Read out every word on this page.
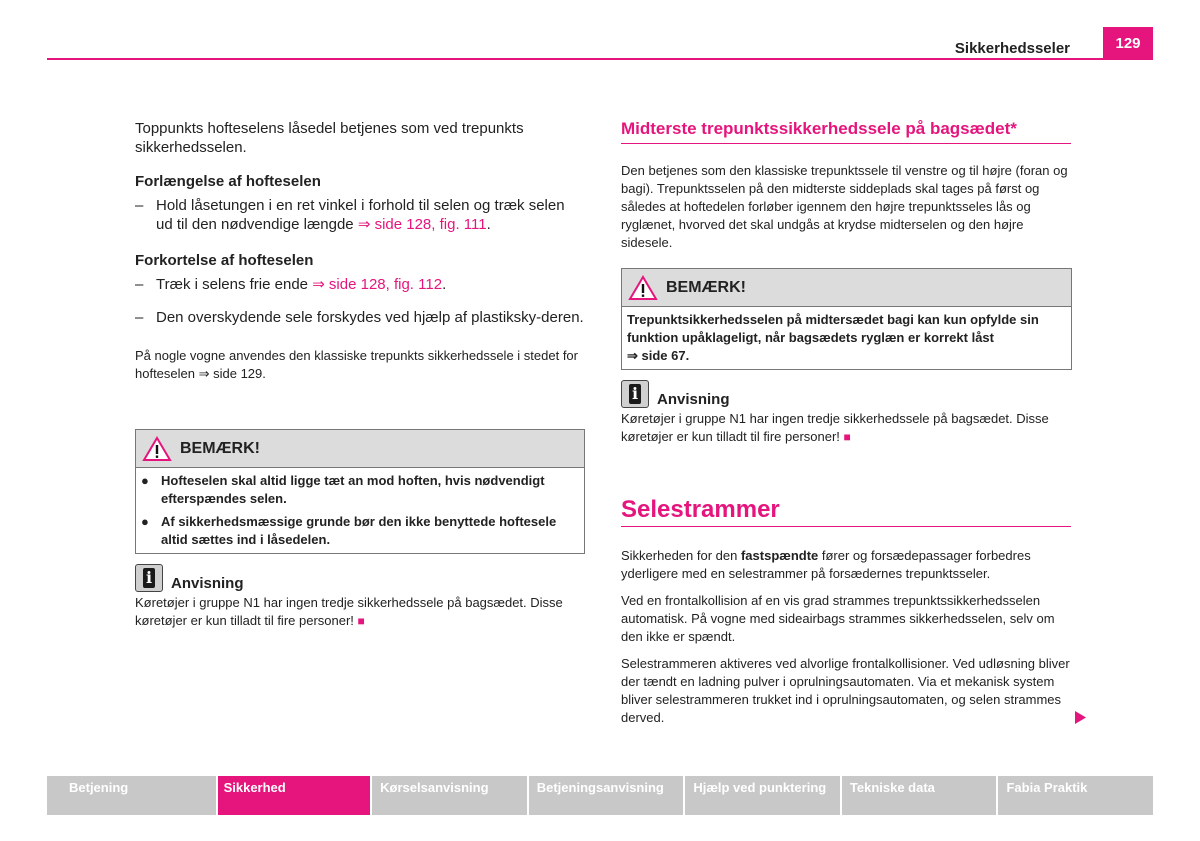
Sikkerhedsseler	129

Toppunkts hofteselens låsedel betjenes som ved trepunkts sikkerhedsselen.

Forlængelse af hofteselen

– Hold låsetungen i en ret vinkel i forhold til selen og træk selen ud til den nødvendige længde ⇒ side 128, fig. 111.

Forkortelse af hofteselen

– Træk i selens frie ende ⇒ side 128, fig. 112.
– Den overskydende sele forskydes ved hjælp af plastiksky-deren.

På nogle vogne anvendes den klassiske trepunkts sikkerhedssele i stedet for hofteselen ⇒ side 129.

BEMÆRK!
● Hofteselen skal altid ligge tæt an mod hoften, hvis nødvendigt efterspændes selen.
● Af sikkerhedsmæssige grunde bør den ikke benyttede hoftesele altid sættes ind i låsedelen.
i Anvisning

Køretøjer i gruppe N1 har ingen tredje sikkerhedssele på bagsædet. Disse køretøjer er kun tilladt til fire personer! ■

Midterste trepunktssikkerhedssele på bagsædet*

Den betjenes som den klassiske trepunktssele til venstre og til højre (foran og bagi). Trepunktsselen på den midterste siddeplads skal tages på først og således at hoftedelen forløber igennem den højre trepunktsseles lås og ryglænet, hvorved det skal undgås at krydse midterselen og den højre sidesele.

BEMÆRK!
Trepunktsikkerhedsselen på midtersædet bagi kan kun opfylde sin funktion upåklageligt, når bagsædets ryglæn er korrekt låst
⇒ side 67.
i Anvisning

Køretøjer i gruppe N1 har ingen tredje sikkerhedssele på bagsædet. Disse køretøjer er kun tilladt til fire personer! ■

Selestrammer

Sikkerheden for den fastspændte fører og forsædepassager forbedres yderligere med en selestrammer på forsædernes trepunktsseler.

Ved en frontalkollision af en vis grad strammes trepunktssikkerhedsselen automatisk. På vogne med sideairbags strammes sikkerhedsselen, selv om den ikke er spændt.

Selestrammeren aktiveres ved alvorlige frontalkollisioner. Ved udløsning bliver der tændt en ladning pulver i oprulningsautomaten. Via et mekanisk system bliver selestrammeren trukket ind i oprulningsautomaten, og selen strammes derved.

Betjening	Sikkerhed	Kørselsanvisning	Betjeningsanvisning	Hjælp ved punktering	Tekniske data	Fabia Praktik
